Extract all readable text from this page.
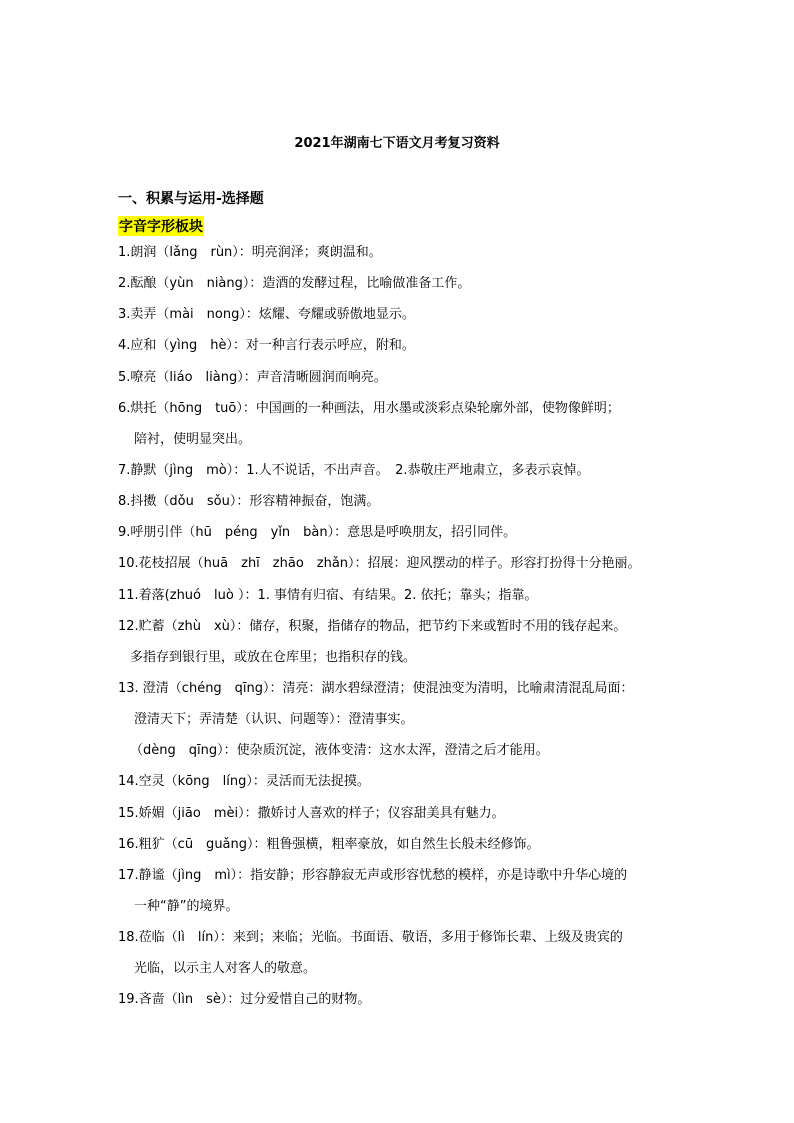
2021年湖南七下语文月考复习资料
一、积累与运用-选择题
字音字形板块
1.朗润（lǎng　rùn）：明亮润泽；爽朗温和。
2.酝酿（yùn　niàng）：造酒的发酵过程，比喻做准备工作。
3.卖弄（mài　nong）：炫耀、夸耀或骄傲地显示。
4.应和（yìng　hè）：对一种言行表示呼应，附和。
5.嘹亮（liáo　liàng）：声音清晰圆润而响亮。
6.烘托（hōng　tuō）：中国画的一种画法，用水墨或淡彩点染轮廓外部，使物像鲜明；
陪衬，使明显突出。
7.静默（jìng　mò）：1.人不说话，不出声音。　2.恭敬庄严地肃立，多表示哀悼。
8.抖擞（dǒu　sǒu）：形容精神振奋，饱满。
9.呼朋引伴（hū　péng　yǐn　bàn）：意思是呼唤朋友，招引同伴。
10.花枝招展（huā　zhī　zhāo　zhǎn）：招展：迎风摆动的样子。形容打扮得十分艳丽。
11.着落(zhuó　luò ）：1. 事情有归宿、有结果。2. 依托；靠头；指靠。
12.贮蓄（zhù　xù）：储存，积聚，指储存的物品，把节约下来或暂时不用的钱存起来。
多指存到银行里，或放在仓库里；也指积存的钱。
13. 澄清（chéng　qīng）：清亮：湖水碧绿澄清；使混浊变为清明，比喻肃清混乱局面：
澄清天下；弄清楚（认识、问题等）：澄清事实。
（dèng　qīng）：使杂质沉淀，液体变清：这水太浑，澄清之后才能用。
14.空灵（kōng　líng）：灵活而无法捉摸。
15.娇媚（jiāo　mèi）：撒娇讨人喜欢的样子；仪容甜美具有魅力。
16.粗犷（cū　guǎng）：粗鲁强横，粗率豪放，如自然生长般未经修饰。
17.静谧（jìng　mì）：指安静；形容静寂无声或形容忧愁的模样，亦是诗歌中升华心境的
一种“静”的境界。
18.莅临（lì　lín）：来到；来临；光临。书面语、敬语，多用于修饰长辈、上级及贵宾的
光临，以示主人对客人的敬意。
19.吝啬（lìn　sè）：过分爱惜自己的财物。
